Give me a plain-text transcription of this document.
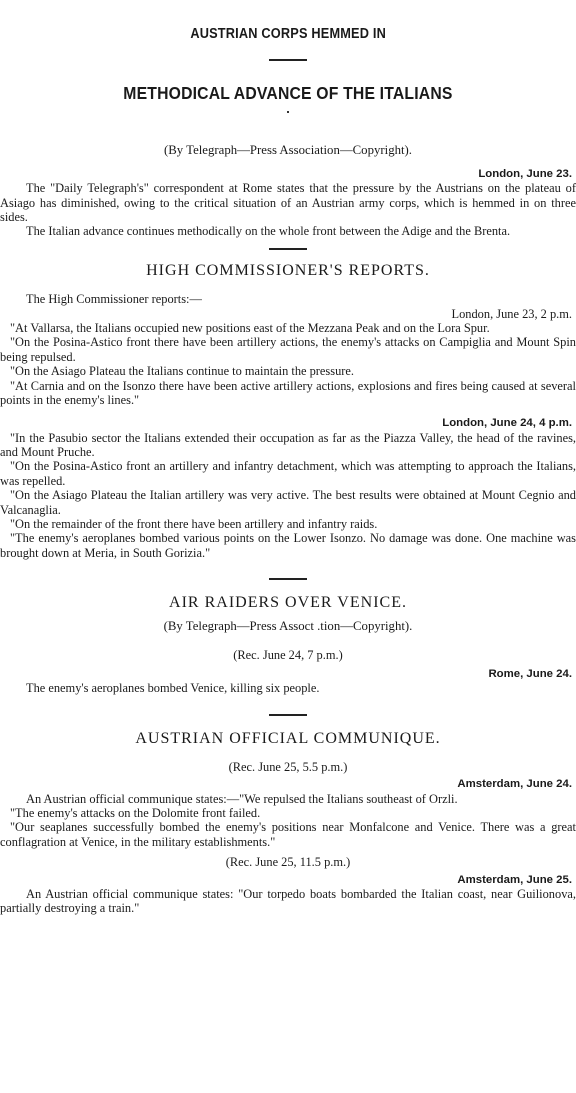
AUSTRIAN CORPS HEMMED IN
METHODICAL ADVANCE OF THE ITALIANS
(By Telegraph—Press Association—Copyright).
London, June 23.

The "Daily Telegraph's" correspondent at Rome states that the pressure by the Austrians on the plateau of Asiago has diminished, owing to the critical situation of an Austrian army corps, which is hemmed in on three sides.

The Italian advance continues methodically on the whole front between the Adige and the Brenta.

HIGH COMMISSIONER'S REPORTS.

The High Commissioner reports:—

London, June 23, 2 p.m.

"At Vallarsa, the Italians occupied new positions east of the Mezzana Peak and on the Lora Spur.

"On the Posina-Astico front there have been artillery actions, the enemy's attacks on Campiglia and Mount Spin being repulsed.

"On the Asiago Plateau the Italians continue to maintain the pressure.

"At Carnia and on the Isonzo there have been active artillery actions, explosions and fires being caused at several points in the enemy's lines."

London, June 24, 4 p.m.

"In the Pasubio sector the Italians extended their occupation as far as the Piazza Valley, the head of the ravines, and Mount Pruche.

"On the Posina-Astico front an artillery and infantry detachment, which was attempting to approach the Italians, was repelled.

"On the Asiago Plateau the Italian artillery was very active. The best results were obtained at Mount Cegnio and Valcanaglia.

"On the remainder of the front there have been artillery and infantry raids.

"The enemy's aeroplanes bombed various points on the Lower Isonzo. No damage was done. One machine was brought down at Meria, in South Gorizia."

AIR RAIDERS OVER VENICE.
(By Telegraph—Press Assoct .tion—Copyright).
(Rec. June 24, 7 p.m.)
Rome, June 24.

The enemy's aeroplanes bombed Venice, killing six people.

AUSTRIAN OFFICIAL COMMUNIQUE.
(Rec. June 25, 5.5 p.m.)
Amsterdam, June 24.

An Austrian official communique states:—"We repulsed the Italians southeast of Orzli.

"The enemy's attacks on the Dolomite front failed.

"Our seaplanes successfully bombed the enemy's positions near Monfalcone and Venice. There was a great conflagration at Venice, in the military establishments."

(Rec. June 25, 11.5 p.m.)
Amsterdam, June 25.

An Austrian official communique states: "Our torpedo boats bombarded the Italian coast, near Guilionova, partially destroying a train."
